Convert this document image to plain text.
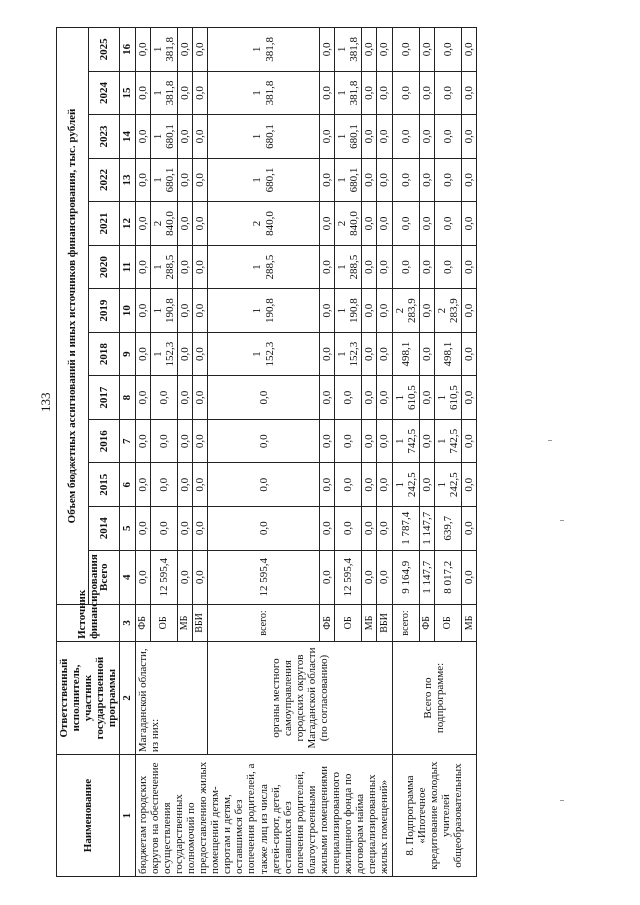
133
Наименование	Ответственный исполнитель, участник государственной программы	Источник финансирования	Объем бюджетных ассигнований и иных источников финансирования, тыс. рублей												
			Всего	2014	2015	2016	2017	2018	2019	2020	2021	2022	2023	2024	2025
1	2	3	4	5	6	7	8	9	10	11	12	13	14	15	16
бюджетам городских округов на обеспечение осуществления государственных полномочий по предоставлению жилых помещений детям-сиротам и детям, оставшимся без попечения родителей, а также лиц из числа детей-сирот, детей, оставшихся без попечения родителей, благоустроенными жилыми помещениями специализированного жилищного фонда по договорам найма специализированных жилых помещений»	Магаданской области, из них:	ФБ	0,0	0,0	0,0	0,0	0,0	0,0	0,0	0,0	0,0	0,0	0,0	0,0	0,0

		ОБ	12 595,4	0,0	0,0	0,0	0,0	1 152,3	1 190,8	1 288,5	2 840,0	1 680,1	1 680,1	1 381,8	1 381,8

		МБ	0,0	0,0	0,0	0,0	0,0	0,0	0,0	0,0	0,0	0,0	0,0	0,0	0,0

		ВБИ	0,0	0,0	0,0	0,0	0,0	0,0	0,0	0,0	0,0	0,0	0,0	0,0	0,0

	органы местного самоуправления городских округов Магаданской области (по согласованию)	всего:	12 595,4	0,0	0,0	0,0	0,0	1 152,3	1 190,8	1 288,5	2 840,0	1 680,1	1 680,1	1 381,8	1 381,8

		ФБ	0,0	0,0	0,0	0,0	0,0	0,0	0,0	0,0	0,0	0,0	0,0	0,0	0,0

		ОБ	12 595,4	0,0	0,0	0,0	0,0	1 152,3	1 190,8	1 288,5	2 840,0	1 680,1	1 680,1	1 381,8	1 381,8

		МБ	0,0	0,0	0,0	0,0	0,0	0,0	0,0	0,0	0,0	0,0	0,0	0,0	0,0

		ВБИ	0,0	0,0	0,0	0,0	0,0	0,0	0,0	0,0	0,0	0,0	0,0	0,0	0,0

8. Подпрограмма «Ипотечное кредитование молодых учителей общеобразовательных	Всего по подпрограмме:	всего:	9 164,9	1 787,4	1 242,5	1 742,5	1 610,5	498,1	2 283,9	0,0	0,0	0,0	0,0	0,0	0,0

		ФБ	1 147,7	1 147,7	0,0	0,0	0,0	0,0	0,0	0,0	0,0	0,0	0,0	0,0	0,0

		ОБ	8 017,2	639,7	1 242,5	1 742,5	1 610,5	498,1	2 283,9	0,0	0,0	0,0	0,0	0,0	0,0

		МБ	0,0	0,0	0,0	0,0	0,0	0,0	0,0	0,0	0,0	0,0	0,0	0,0	0,0
